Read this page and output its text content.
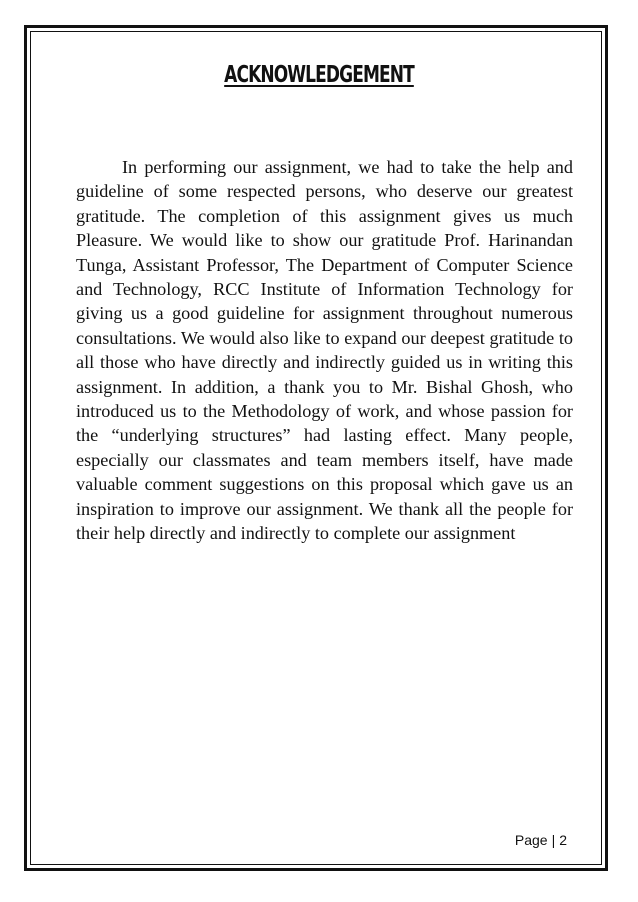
ACKNOWLEDGEMENT

In performing our assignment, we had to take the help and guideline of some respected persons, who deserve our greatest gratitude. The completion of this assignment gives us much Pleasure. We would like to show our gratitude Prof. Harinandan Tunga, Assistant Professor, The Department of Computer Science and Technology, RCC Institute of Information Technology for giving us a good guideline for assignment throughout numerous consultations. We would also like to expand our deepest gratitude to all those who have directly and indirectly guided us in writing this assignment. In addition, a thank you to Mr. Bishal Ghosh, who introduced us to the Methodology of work, and whose passion for the “underlying structures” had lasting effect. Many people, especially our classmates and team members itself, have made valuable comment suggestions on this proposal which gave us an inspiration to improve our assignment. We thank all the people for their help directly and indirectly to complete our assignment

Page | 2
